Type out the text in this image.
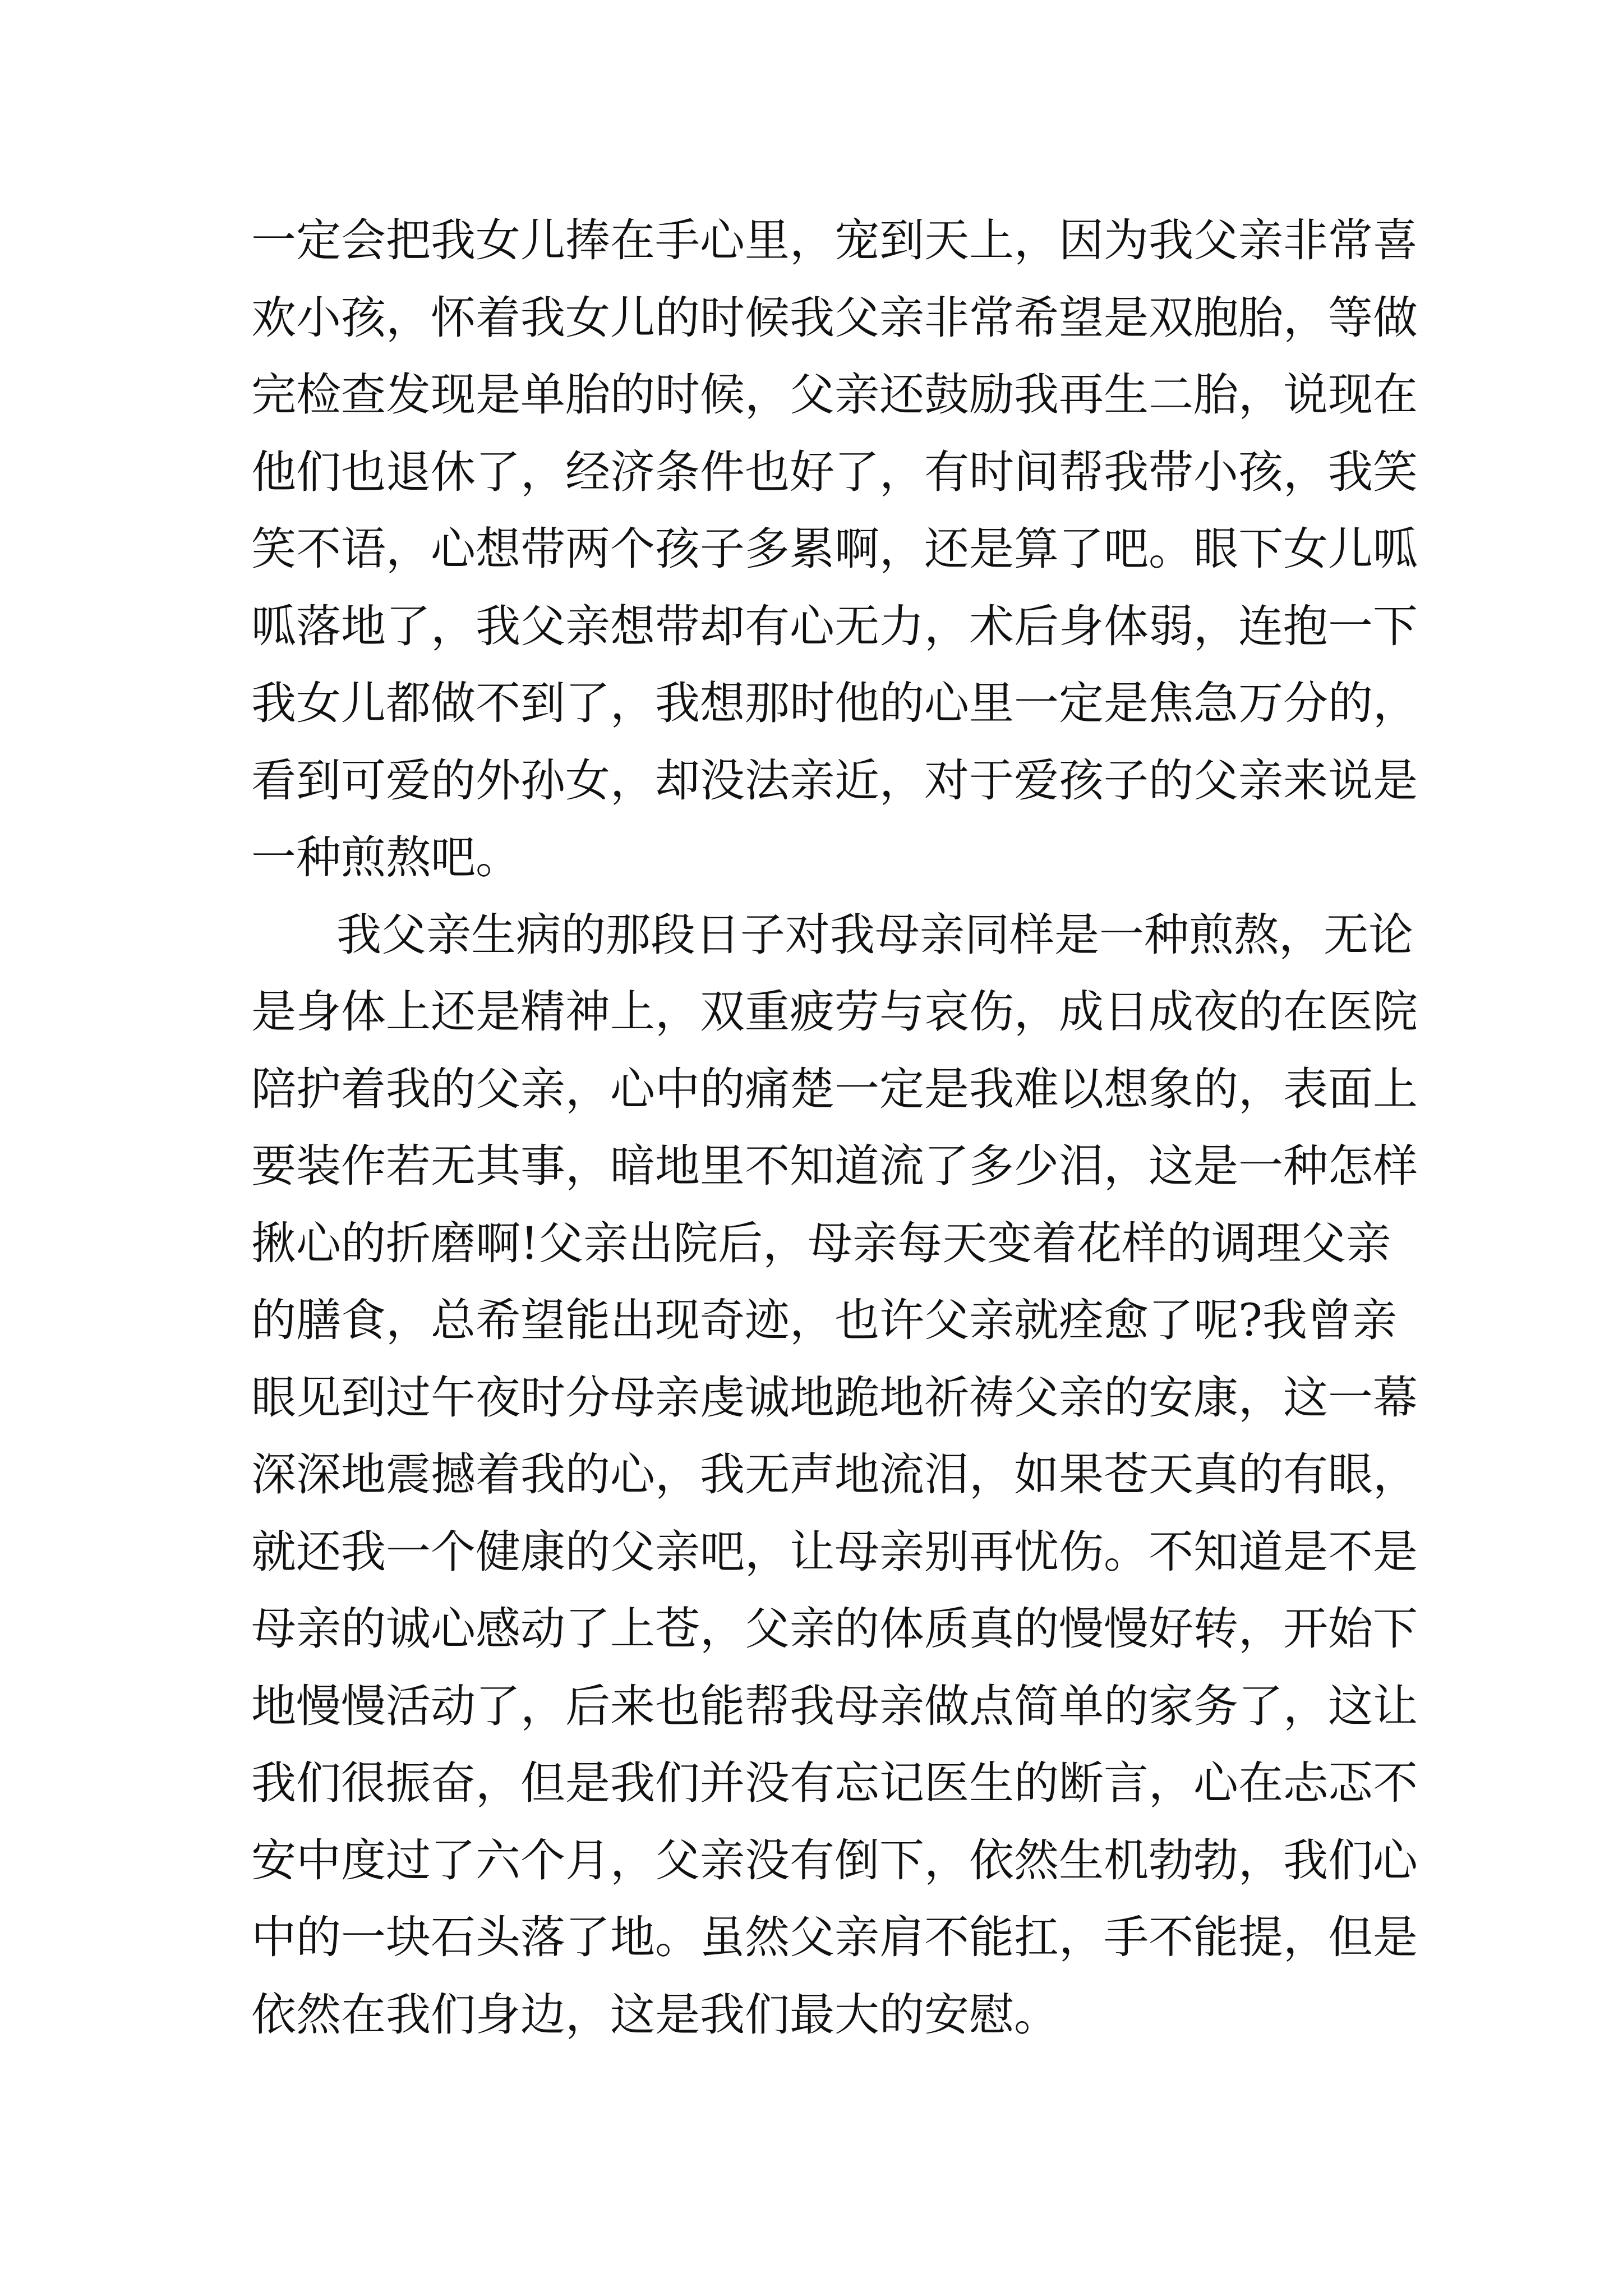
一定会把我女儿捧在手心里，宠到天上，因为我父亲非常喜
欢小孩，怀着我女儿的时候我父亲非常希望是双胞胎，等做
完检查发现是单胎的时候，父亲还鼓励我再生二胎，说现在
他们也退休了，经济条件也好了，有时间帮我带小孩，我笑
笑不语，心想带两个孩子多累啊，还是算了吧。眼下女儿呱
呱落地了，我父亲想带却有心无力，术后身体弱，连抱一下
我女儿都做不到了，我想那时他的心里一定是焦急万分的，
看到可爱的外孙女，却没法亲近，对于爱孩子的父亲来说是
一种煎熬吧。
我父亲生病的那段日子对我母亲同样是一种煎熬，无论
是身体上还是精神上，双重疲劳与哀伤，成日成夜的在医院
陪护着我的父亲，心中的痛楚一定是我难以想象的，表面上
要装作若无其事，暗地里不知道流了多少泪，这是一种怎样
揪心的折磨啊!父亲出院后，母亲每天变着花样的调理父亲
的膳食，总希望能出现奇迹，也许父亲就痊愈了呢?我曾亲
眼见到过午夜时分母亲虔诚地跪地祈祷父亲的安康，这一幕
深深地震撼着我的心，我无声地流泪，如果苍天真的有眼，
就还我一个健康的父亲吧，让母亲别再忧伤。不知道是不是
母亲的诚心感动了上苍，父亲的体质真的慢慢好转，开始下
地慢慢活动了，后来也能帮我母亲做点简单的家务了，这让
我们很振奋，但是我们并没有忘记医生的断言，心在忐忑不
安中度过了六个月，父亲没有倒下，依然生机勃勃，我们心
中的一块石头落了地。虽然父亲肩不能扛，手不能提，但是
依然在我们身边，这是我们最大的安慰。
